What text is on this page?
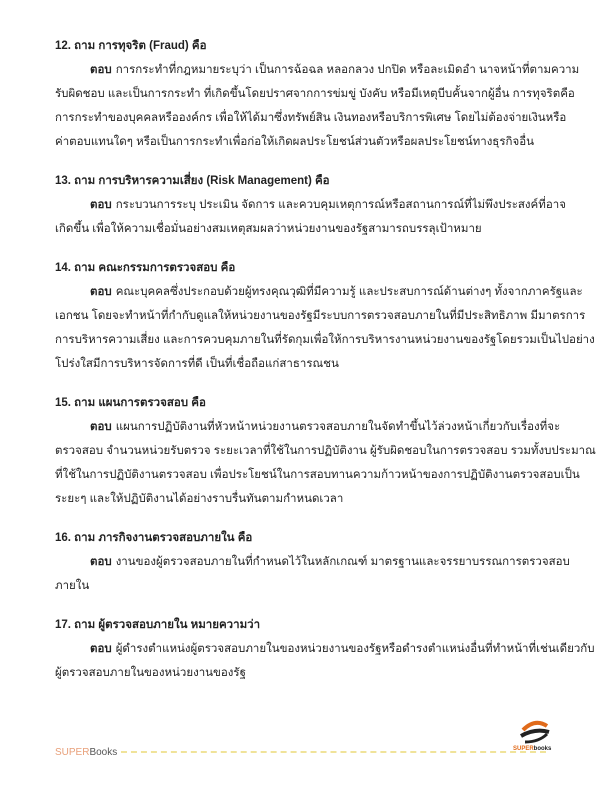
12. ถาม การทุจริต (Fraud) คือ
ตอบ การกระทำที่กฎหมายระบุว่า เป็นการฉ้อฉล หลอกลวง ปกปิด หรือละเมิดอำ นาจหน้าที่ตามความ
รับผิดชอบ และเป็นการกระทำ ที่เกิดขึ้นโดยปราศจากการข่มขู่ บังคับ หรือมีเหตุบีบคั้นจากผู้อื่น การทุจริตคือ
การกระทำของบุคคลหรือองค์กร เพื่อให้ได้มาซึ่งทรัพย์สิน เงินทองหรือบริการพิเศษ โดยไม่ต้องจ่ายเงินหรือ
ค่าตอบแทนใดๆ หรือเป็นการกระทำเพื่อก่อให้เกิดผลประโยชน์ส่วนตัวหรือผลประโยชน์ทางธุรกิจอื่น
13. ถาม การบริหารความเสี่ยง (Risk Management) คือ
ตอบ กระบวนการระบุ ประเมิน จัดการ และควบคุมเหตุการณ์หรือสถานการณ์ที่ไม่พึงประสงค์ที่อาจ
เกิดขึ้น เพื่อให้ความเชื่อมั่นอย่างสมเหตุสมผลว่าหน่วยงานของรัฐสามารถบรรลุเป้าหมาย
14. ถาม คณะกรรมการตรวจสอบ คือ
ตอบ คณะบุคคลซึ่งประกอบด้วยผู้ทรงคุณวุฒิที่มีความรู้ และประสบการณ์ด้านต่างๆ ทั้งจากภาครัฐและ
เอกชน โดยจะทำหน้าที่กำกับดูแลให้หน่วยงานของรัฐมีระบบการตรวจสอบภายในที่มีประสิทธิภาพ มีมาตรการ
การบริหารความเสี่ยง และการควบคุมภายในที่รัดกุมเพื่อให้การบริหารงานหน่วยงานของรัฐโดยรวมเป็นไปอย่าง
โปร่งใสมีการบริหารจัดการที่ดี เป็นที่เชื่อถือแก่สาธารณชน
15. ถาม แผนการตรวจสอบ คือ
ตอบ แผนการปฏิบัติงานที่หัวหน้าหน่วยงานตรวจสอบภายในจัดทำขึ้นไว้ล่วงหน้าเกี่ยวกับเรื่องที่จะ
ตรวจสอบ จำนวนหน่วยรับตรวจ ระยะเวลาที่ใช้ในการปฏิบัติงาน ผู้รับผิดชอบในการตรวจสอบ รวมทั้งบประมาณ
ที่ใช้ในการปฏิบัติงานตรวจสอบ เพื่อประโยชน์ในการสอบทานความก้าวหน้าของการปฏิบัติงานตรวจสอบเป็น
ระยะๆ และให้ปฏิบัติงานได้อย่างราบรื่นทันตามกำหนดเวลา
16. ถาม ภารกิจงานตรวจสอบภายใน คือ
ตอบ งานของผู้ตรวจสอบภายในที่กำหนดไว้ในหลักเกณฑ์ มาตรฐานและจรรยาบรรณการตรวจสอบ
ภายใน
17. ถาม ผู้ตรวจสอบภายใน หมายความว่า
ตอบ ผู้ดำรงตำแหน่งผู้ตรวจสอบภายในของหน่วยงานของรัฐหรือดำรงตำแหน่งอื่นที่ทำหน้าที่เช่นเดียวกับ
ผู้ตรวจสอบภายในของหน่วยงานของรัฐ
SUPERBooks	SUPERbooks
